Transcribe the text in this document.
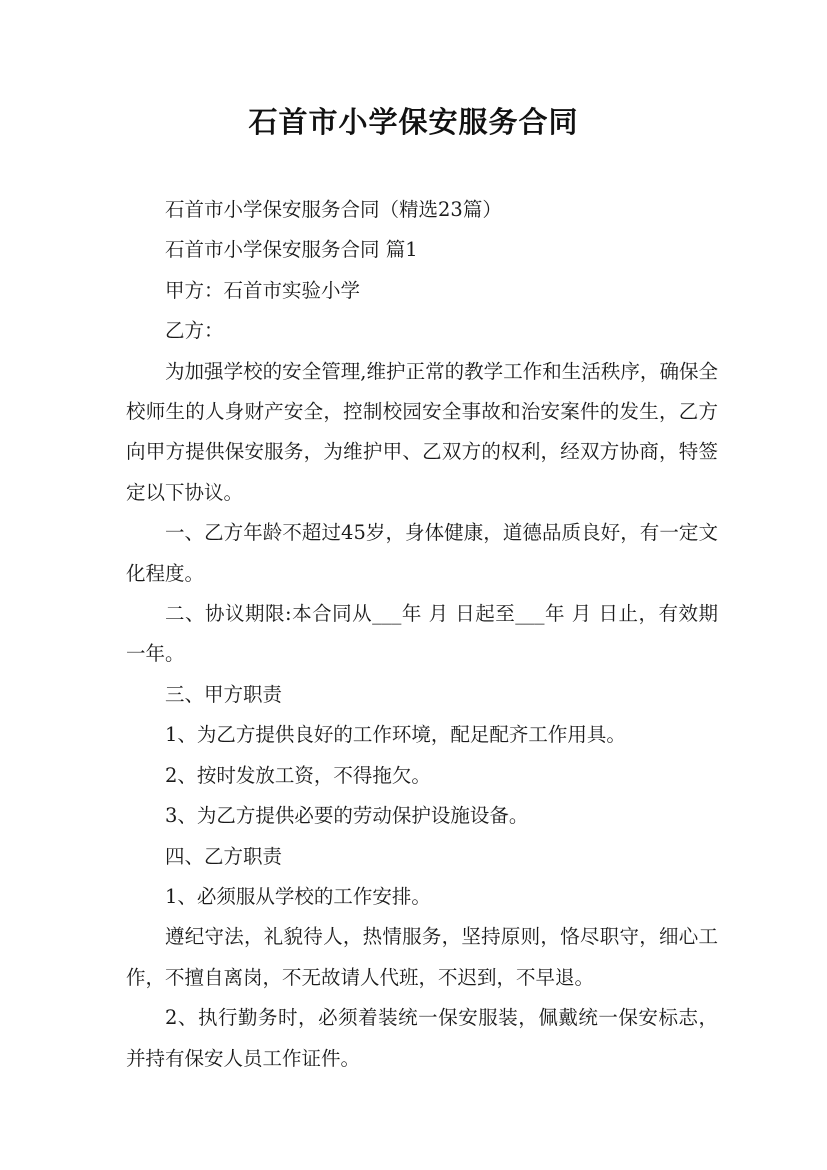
石首市小学保安服务合同

石首市小学保安服务合同（精选23篇）

石首市小学保安服务合同 篇1

甲方：石首市实验小学

乙方：

为加强学校的安全管理,维护正常的教学工作和生活秩序，确保全校师生的人身财产安全，控制校园安全事故和治安案件的发生，乙方向甲方提供保安服务，为维护甲、乙双方的权利，经双方协商，特签定以下协议。

一、乙方年龄不超过45岁，身体健康，道德品质良好，有一定文化程度。

二、协议期限:本合同从___年 月 日起至___年 月 日止，有效期一年。

三、甲方职责

1、为乙方提供良好的工作环境，配足配齐工作用具。

2、按时发放工资，不得拖欠。

3、为乙方提供必要的劳动保护设施设备。

四、乙方职责

1、必须服从学校的工作安排。

遵纪守法，礼貌待人，热情服务，坚持原则，恪尽职守，细心工作，不擅自离岗，不无故请人代班，不迟到，不早退。

2、执行勤务时，必须着装统一保安服装，佩戴统一保安标志，并持有保安人员工作证件。
